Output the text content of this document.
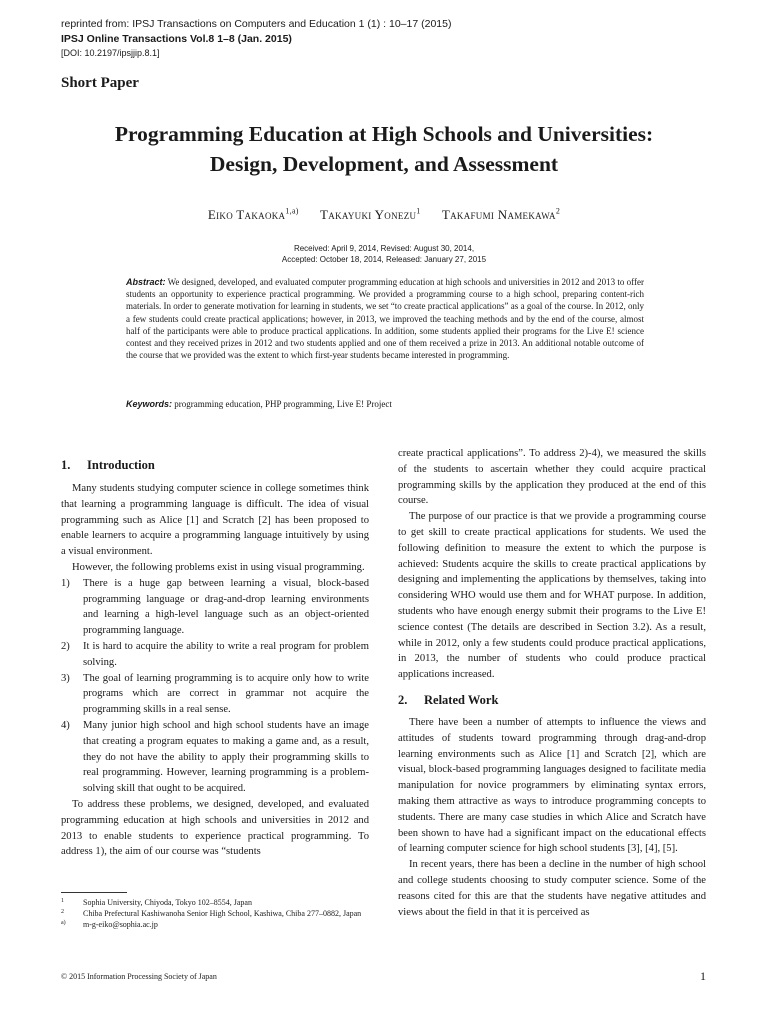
reprinted from: IPSJ Transactions on Computers and Education 1 (1) : 10–17 (2015)
IPSJ Online Transactions Vol.8 1–8 (Jan. 2015)
[DOI: 10.2197/ipsjjip.8.1]
Short Paper
Programming Education at High Schools and Universities:
Design, Development, and Assessment
Eiko Takaoka$^{1,a)}$ Takayuki Yonezu$^1$ Takafumi Namekawa$^2$
Received: April 9, 2014, Revised: August 30, 2014,
Accepted: October 18, 2014, Released: January 27, 2015
Abstract: We designed, developed, and evaluated computer programming education at high schools and universities in 2012 and 2013 to offer students an opportunity to experience practical programming. We provided a programming course to a high school, preparing content-rich materials. In order to generate motivation for learning in students, we set “to create practical applications” as a goal of the course. In 2012, only a few students could create practical applications; however, in 2013, we improved the teaching methods and by the end of the course, almost half of the participants were able to produce practical applications. In addition, some students applied their programs for the Live E! science contest and they received prizes in 2012 and two students applied and one of them received a prize in 2013. An additional notable outcome of the course that we provided was the extent to which first-year students became interested in programming.
Keywords: programming education, PHP programming, Live E! Project
1. Introduction

Many students studying computer science in college sometimes think that learning a programming language is difficult. The idea of visual programming such as Alice [1] and Scratch [2] has been proposed to enable learners to acquire a programming language intuitively by using a visual environment.

However, the following problems exist in using visual programming.

1) There is a huge gap between learning a visual, block-based programming language or drag-and-drop learning environments and learning a high-level language such as an object-oriented programming language.
2) It is hard to acquire the ability to write a real program for problem solving.
3) The goal of learning programming is to acquire only how to write programs which are correct in grammar not acquire the programming skills in a real sense.
4) Many junior high school and high school students have an image that creating a program equates to making a game and, as a result, they do not have the ability to apply their programming skills to real programming. However, learning programming is a problem-solving skill that ought to be acquired.

To address these problems, we designed, developed, and evaluated programming education at high schools and universities in 2012 and 2013 to enable students to experience practical programming. To address 1), the aim of our course was “students

create practical applications”. To address 2)-4), we measured the skills of the students to ascertain whether they could acquire practical programming skills by the application they produced at the end of this course.

The purpose of our practice is that we provide a programming course to get skill to create practical applications for students. We used the following definition to measure the extent to which the purpose is achieved: Students acquire the skills to create practical applications by designing and implementing the applications by themselves, taking into considering WHO would use them and for WHAT purpose. In addition, students who have enough energy submit their programs to the Live E! science contest (The details are described in Section 3.2). As a result, while in 2012, only a few students could produce practical applications, in 2013, the number of students who could produce practical applications increased.

2. Related Work

There have been a number of attempts to influence the views and attitudes of students toward programming through drag-and-drop learning environments such as Alice [1] and Scratch [2], which are visual, block-based programming languages designed to facilitate media manipulation for novice programmers by eliminating syntax errors, making them attractive as ways to introduce programming concepts to students. There are many case studies in which Alice and Scratch have been shown to have had a significant impact on the educational effects of learning computer science for high school students [3], [4], [5].

In recent years, there has been a decline in the number of high school and college students choosing to study computer science. Some of the reasons cited for this are that the students have negative attitudes and views about the field in that it is perceived as

1 Sophia University, Chiyoda, Tokyo 102–8554, Japan
2 Chiba Prefectural Kashiwanoha Senior High School, Kashiwa, Chiba 277–0882, Japan
a) m-g-eiko@sophia.ac.jp
© 2015 Information Processing Society of Japan	1
